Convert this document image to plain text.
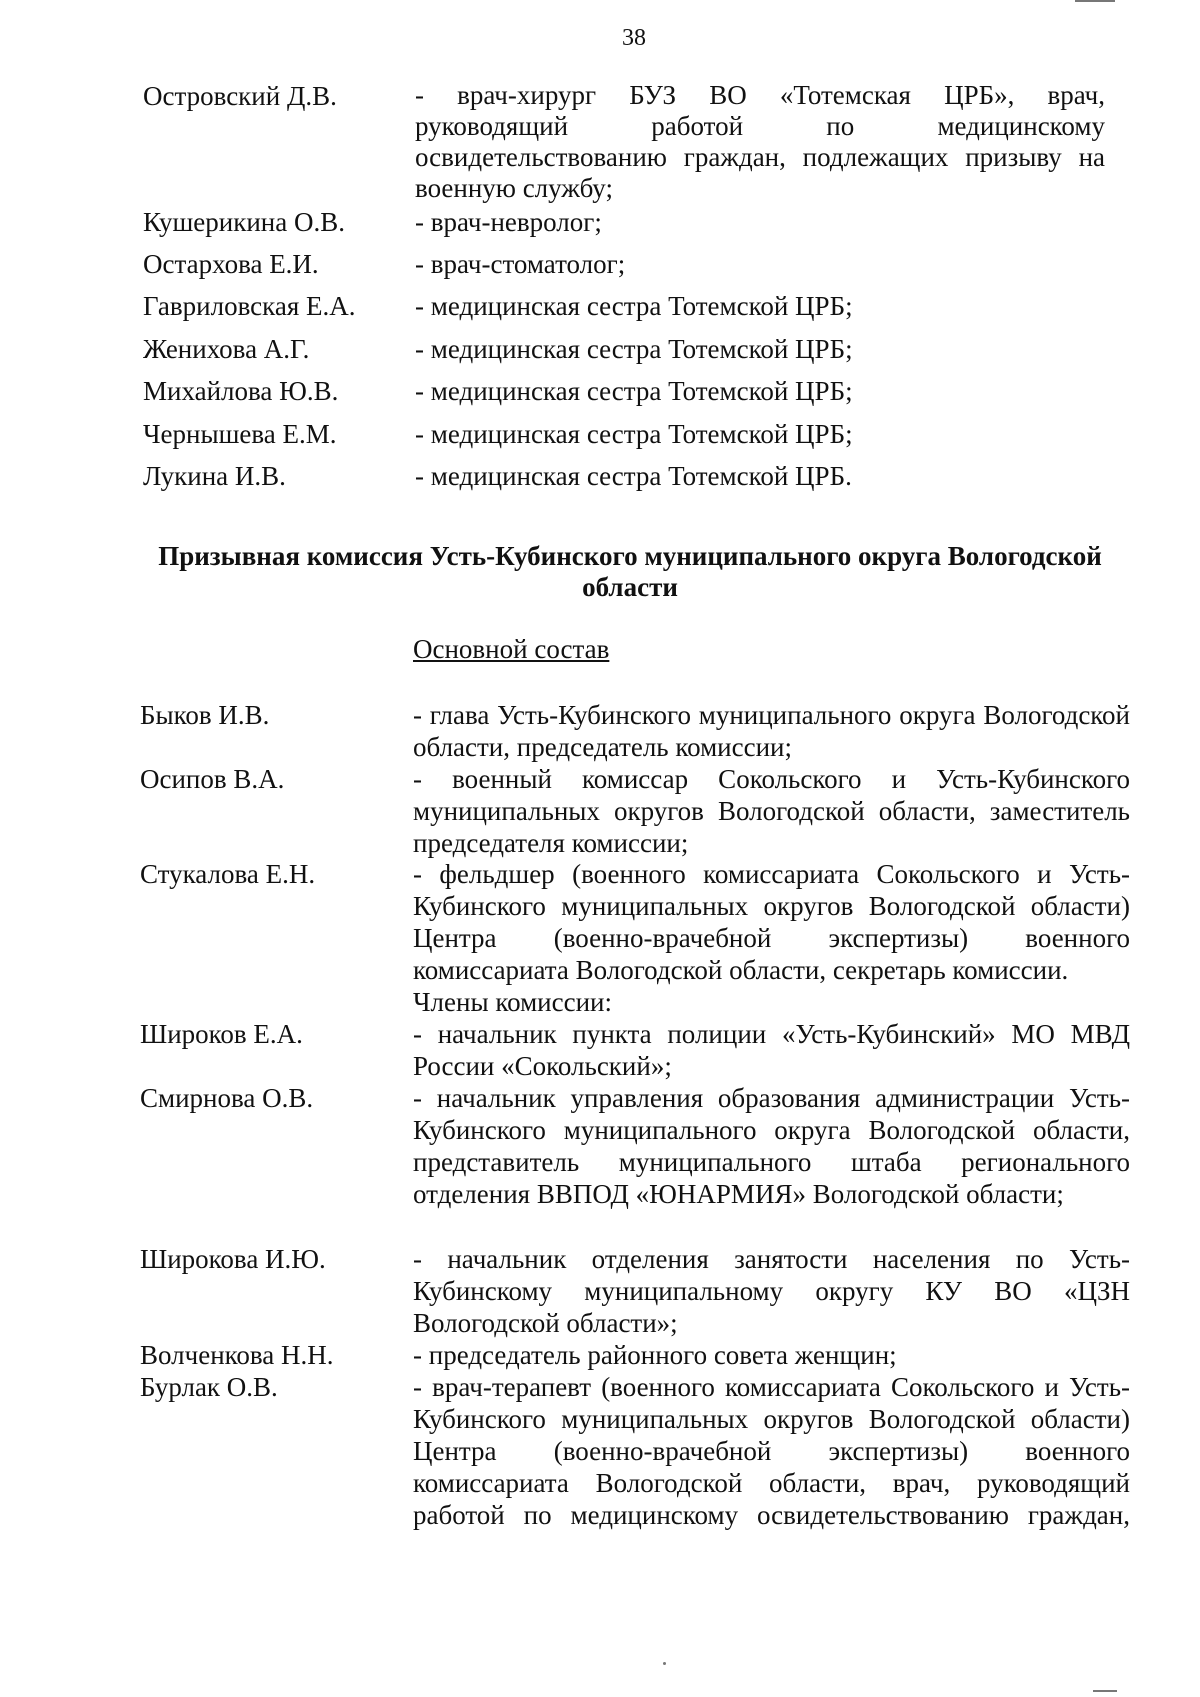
38
Островский Д.В.	- врач-хирург БУЗ ВО «Тотемская ЦРБ», врач, руководящий работой по медицинскому освидетельствованию граждан, подлежащих призыву на военную службу;
Кушерикина О.В.	- врач-невролог;
Остархова Е.И.	- врач-стоматолог;
Гавриловская Е.А. - медицинская сестра Тотемской ЦРБ;
Женихова А.Г.	- медицинская сестра Тотемской ЦРБ;
Михайлова Ю.В.	- медицинская сестра Тотемской ЦРБ;
Чернышева Е.М.	- медицинская сестра Тотемской ЦРБ;
Лукина И.В.	- медицинская сестра Тотемской ЦРБ.
Призывная комиссия Усть-Кубинского муниципального округа Вологодской области
Основной состав
Быков И.В.	- глава Усть-Кубинского муниципального округа Вологодской области, председатель комиссии;
Осипов В.А.	- военный комиссар Сокольского и Усть-Кубинского муниципальных округов Вологодской области, заместитель председателя комиссии;
Стукалова Е.Н.	- фельдшер (военного комиссариата Сокольского и Усть-Кубинского муниципальных округов Вологодской области) Центра (военно-врачебной экспертизы) военного комиссариата Вологодской области, секретарь комиссии.
Члены комиссии:
Широков Е.А.	- начальник пункта полиции «Усть-Кубинский» МО МВД России «Сокольский»;
Смирнова О.В.	- начальник управления образования администрации Усть-Кубинского муниципального округа Вологодской области, представитель муниципального штаба регионального отделения ВВПОД «ЮНАРМИЯ» Вологодской области;
Широкова И.Ю.	- начальник отделения занятости населения по Усть-Кубинскому муниципальному округу КУ ВО «ЦЗН Вологодской области»;
Волченкова Н.Н.	- председатель районного совета женщин;
Бурлак О.В.	- врач-терапевт (военного комиссариата Сокольского и Усть-Кубинского муниципальных округов Вологодской области) Центра (военно-врачебной экспертизы) военного комиссариата Вологодской области, врач, руководящий работой по медицинскому освидетельствованию граждан,
